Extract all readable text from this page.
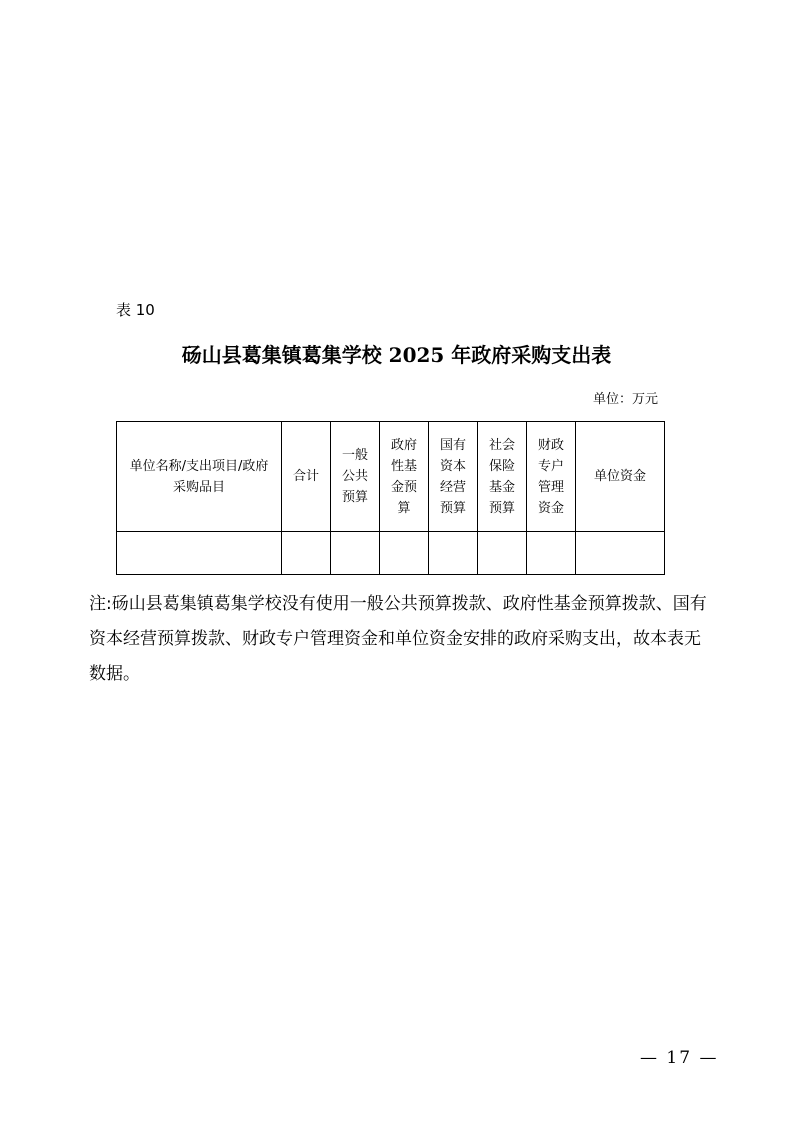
表 10
砀山县葛集镇葛集学校 2025 年政府采购支出表
单位：万元
单位名称/支出项目/政府采购品目	合计	一般公共预算	政府性基金预算	国有资本经营预算	社会保险基金预算	财政专户管理资金	单位资金

注:砀山县葛集镇葛集学校没有使用一般公共预算拨款、政府性基金预算拨款、国有资本经营预算拨款、财政专户管理资金和单位资金安排的政府采购支出，故本表无数据。
— 17 —
